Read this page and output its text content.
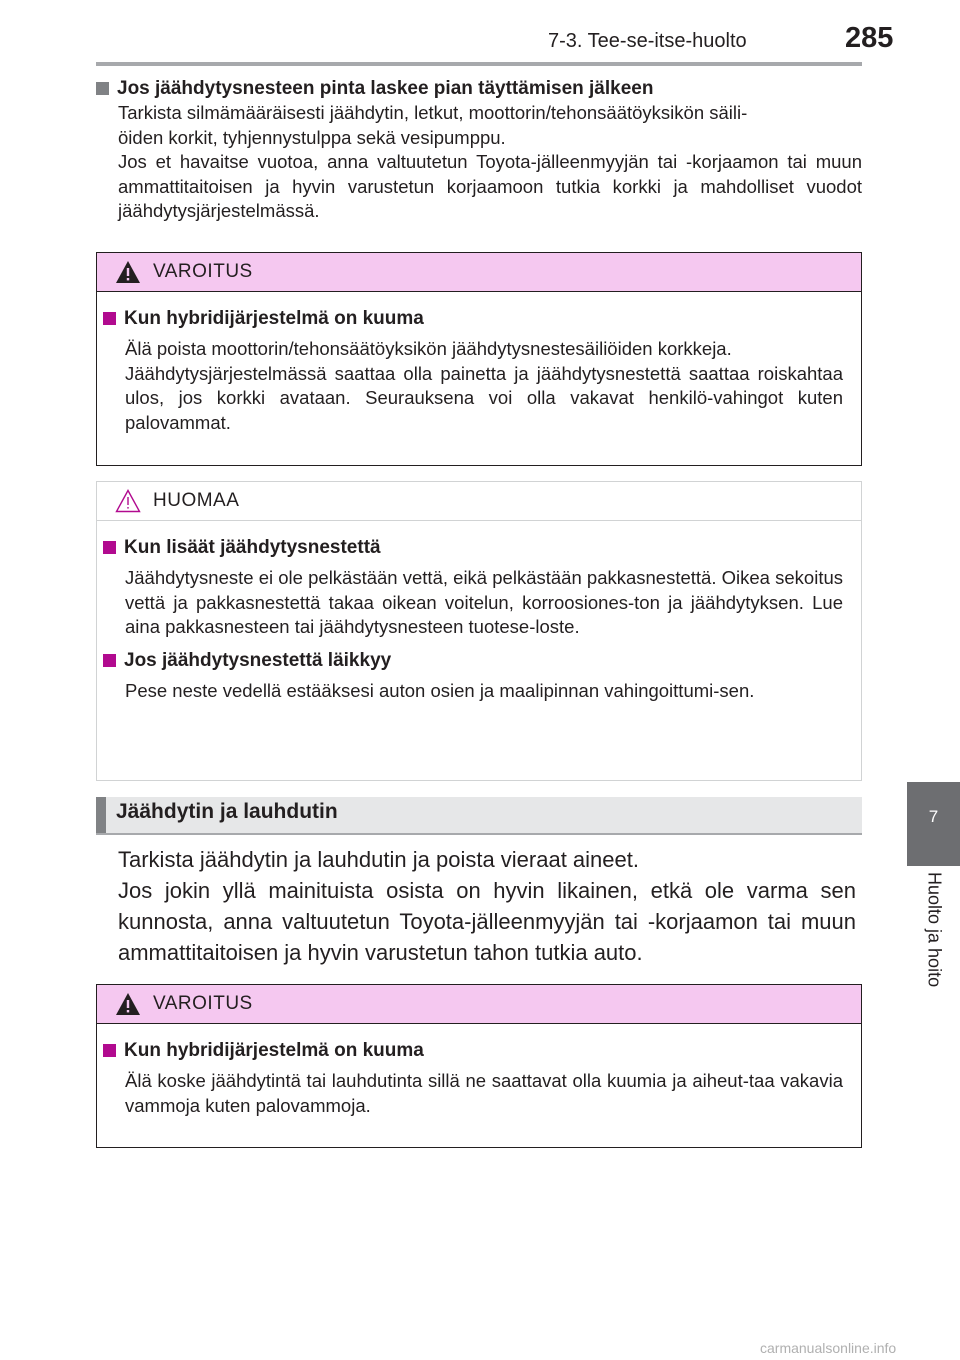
7-3. Tee-se-itse-huolto	285
7
Huolto ja hoito
Jos jäähdytysnesteen pinta laskee pian täyttämisen jälkeen

Tarkista silmämääräisesti jäähdytin, letkut, moottorin/tehonsäätöyksikön säili-

öiden korkit, tyhjennystulppa sekä vesipumppu.

Jos et havaitse vuotoa, anna valtuutetun Toyota-jälleenmyyjän tai -korjaamon tai muun ammattitaitoisen ja hyvin varustetun korjaamoon tutkia korkki ja mahdolliset vuodot jäähdytysjärjestelmässä.

VAROITUS
Kun hybridijärjestelmä on kuuma

Älä poista moottorin/tehonsäätöyksikön jäähdytysnestesäiliöiden korkkeja.

Jäähdytysjärjestelmässä saattaa olla painetta ja jäähdytysnestettä saattaa roiskahtaa ulos, jos korkki avataan. Seurauksena voi olla vakavat henkilö-vahingot kuten palovammat.

HUOMAA
Kun lisäät jäähdytysnestettä

Jäähdytysneste ei ole pelkästään vettä, eikä pelkästään pakkasnestettä. Oikea sekoitus vettä ja pakkasnestettä takaa oikean voitelun, korroosiones-ton ja jäähdytyksen. Lue aina pakkasnesteen tai jäähdytysnesteen tuotese-loste.

Jos jäähdytysnestettä läikkyy

Pese neste vedellä estääksesi auton osien ja maalipinnan vahingoittumi-sen.

Jäähdytin ja lauhdutin

Tarkista jäähdytin ja lauhdutin ja poista vieraat aineet.

Jos jokin yllä mainituista osista on hyvin likainen, etkä ole varma sen kunnosta, anna valtuutetun Toyota-jälleenmyyjän tai -korjaamon tai muun ammattitaitoisen ja hyvin varustetun tahon tutkia auto.

VAROITUS
Kun hybridijärjestelmä on kuuma

Älä koske jäähdytintä tai lauhdutinta sillä ne saattavat olla kuumia ja aiheut-taa vakavia vammoja kuten palovammoja.

carmanualsonline.info
